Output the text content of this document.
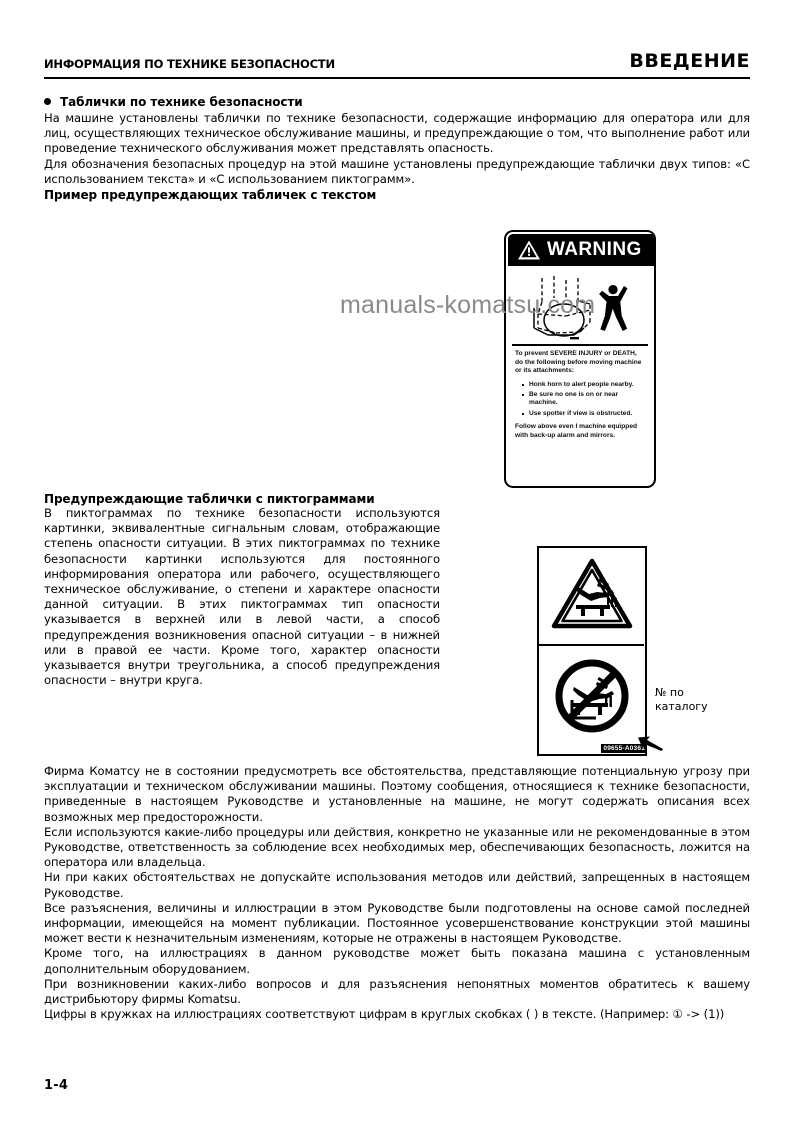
ИНФОРМАЦИЯ ПО ТЕХНИКЕ БЕЗОПАСНОСТИ	ВВЕДЕНИЕ
Таблички по технике безопасности

На машине установлены таблички по технике безопасности, содержащие информацию для оператора или для лиц, осуществляющих техническое обслуживание машины, и предупреждающие о том, что выполнение работ или проведение технического обслуживания может представлять опасность.

Для обозначения безопасных процедур на этой машине установлены предупреждающие таблички двух типов: «С использованием текста» и «С использованием пиктограмм».

Пример предупреждающих табличек с текстом

WARNING

To prevent SEVERE INJURY or DEATH, do the following before moving machine or its attachments:

Honk horn to alert people nearby.
Be sure no one is on or near machine.
Use spotter if view is obstructed.

Follow above even I machine equipped with back-up alarm and mirrors.

Предупреждающие таблички с пиктограммами

В пиктограммах по технике безопасности используются картинки, эквивалентные сигнальным словам, отображающие степень опасности ситуации. В этих пиктограммах по технике безопасности картинки используются для постоянного информирования оператора или рабочего, осуществляющего техническое обслуживание, о степени и характере опасности данной ситуации. В этих пиктограммах тип опасности указывается в верхней или в левой части, а способ предупреждения возникновения опасной ситуации – в нижней или в правой ее части. Кроме того, характер опасности указывается внутри треугольника, а способ предупреждения опасности – внутри круга.

09655-A0361
№ по
каталогу

Фирма Коматсу не в состоянии предусмотреть все обстоятельства, представляющие потенциальную угрозу при эксплуатации и техническом обслуживании машины. Поэтому сообщения, относящиеся к технике безопасности, приведенные в настоящем Руководстве и установленные на машине, не могут содержать описания всех возможных мер предосторожности.

Если используются какие-либо процедуры или действия, конкретно не указанные или не рекомендованные в этом Руководстве, ответственность за соблюдение всех необходимых мер, обеспечивающих безопасность, ложится на оператора или владельца.

Ни при каких обстоятельствах не допускайте использования методов или действий, запрещенных в настоящем Руководстве.

Все разъяснения, величины и иллюстрации в этом Руководстве были подготовлены на основе самой последней информации, имеющейся на момент публикации. Постоянное усовершенствование конструкции этой машины может вести к незначительным изменениям, которые не отражены в настоящем Руководстве.

Кроме того, на иллюстрациях в данном руководстве может быть показана машина с установленным дополнительным оборудованием.

При возникновении каких-либо вопросов и для разъяснения непонятных моментов обратитесь к вашему дистрибьютору фирмы Komatsu.

Цифры в кружках на иллюстрациях соответствуют цифрам в круглых скобках ( ) в тексте. (Например: ① -> (1))

manuals-komatsu.com
1-4
